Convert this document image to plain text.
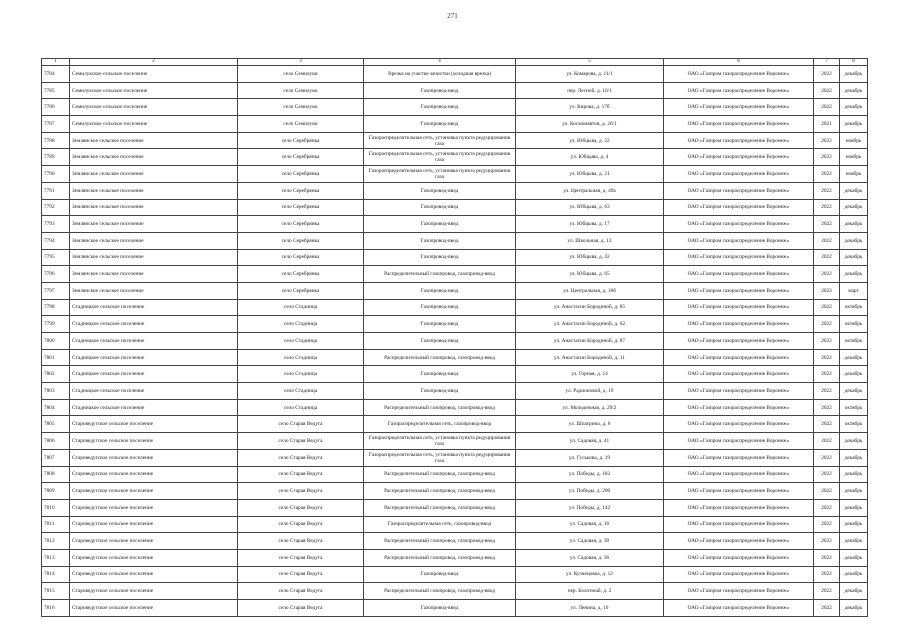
271
1	2	3	4	5	6	7	8
7784	Семилукское сельское поселение	село Семилуки	Врезка на участке зачистки (холодная врезка)	ул. Комарова, д. 11/1	ОАО «Газпром газораспределение Воронеж»	2022	декабрь
7785	Семилукское сельское поселение	село Семилуки	Газопровод-ввод	пер. Лесной, д. 10/1	ОАО «Газпром газораспределение Воронеж»	2022	декабрь
7786	Семилукское сельское поселение	село Семилуки	Газопровод-ввод	ул. Кирова, д. 17б	ОАО «Газпром газораспределение Воронеж»	2022	декабрь
7787	Семилукское сельское поселение	село Семилуки	Газопровод-ввод	ул. Космонавтов, д. 26/1	ОАО «Газпром газораспределение Воронеж»	2021	декабрь
7788	Землянское сельское поселение	село Серебрянка	Газораспределительная сеть, установка пункта редуцирования газа	ул. Юбцыва, д. 22	ОАО «Газпром газораспределение Воронеж»	2022	ноябрь
7789	Землянское сельское поселение	село Серебрянка	Газораспределительная сеть, установка пункта редуцирования газа	ул. Юбцыва, д. 4	ОАО «Газпром газораспределение Воронеж»	2022	ноябрь
7790	Землянское сельское поселение	село Серебрянка	Газораспределительная сеть, установка пункта редуцирования газа	ул. Юбцыва, д. 21	ОАО «Газпром газораспределение Воронеж»	2022	ноябрь
7791	Землянское сельское поселение	село Серебрянка	Газопровод-ввод	ул. Центральная, д. 49а	ОАО «Газпром газораспределение Воронеж»	2022	декабрь
7792	Землянское сельское поселение	село Серебрянка	Газопровод-ввод	ул. Юбцыва, д. 63	ОАО «Газпром газораспределение Воронеж»	2022	декабрь
7793	Землянское сельское поселение	село Серебрянка	Газопровод-ввод	ул. Юбцыва, д. 17	ОАО «Газпром газораспределение Воронеж»	2022	декабрь
7794	Землянское сельское поселение	село Серебрянка	Газопровод-ввод	ул. Школьная, д. 13	ОАО «Газпром газораспределение Воронеж»	2022	декабрь
7795	Землянское сельское поселение	село Серебрянка	Газопровод-ввод	ул. Юбцыва, д. 32	ОАО «Газпром газораспределение Воронеж»	2022	декабрь
7796	Землянское сельское поселение	село Серебрянка	Распределительный газопровод, газопровод-ввод	ул. Юбцыва, д. 65	ОАО «Газпром газораспределение Воронеж»	2022	декабрь
7797	Землянское сельское поселение	село Серебрянка	Газопровод-ввод	ул. Центральная, д. 18б	ОАО «Газпром газораспределение Воронеж»	2023	март
7798	Стадницкое сельское поселение	село Стадница	Газопровод-ввод	ул. Анастасии Бородиной, д. 85	ОАО «Газпром газораспределение Воронеж»	2022	октябрь
7799	Стадницкое сельское поселение	село Стадница	Газопровод-ввод	ул. Анастасии Бородиной, д. 62	ОАО «Газпром газораспределение Воронеж»	2022	октябрь
7800	Стадницкое сельское поселение	село Стадница	Газопровод-ввод	ул. Анастасии Бородиной, д. 87	ОАО «Газпром газораспределение Воронеж»	2022	октябрь
7801	Стадницкое сельское поселение	село Стадница	Распределительный газопровод, газопровод-ввод	ул. Анастасии Бородиной, д. 11	ОАО «Газпром газораспределение Воронеж»	2022	декабрь
7802	Стадницкое сельское поселение	село Стадница	Газопровод-ввод	ул. Горная, д. 14	ОАО «Газпром газораспределение Воронеж»	2022	декабрь
7803	Стадницкое сельское поселение	село Стадница	Газопровод-ввод	ул. Радионовой, д. 19	ОАО «Газпром газораспределение Воронеж»	2022	декабрь
7804	Стадницкое сельское поселение	село Стадница	Распределительный газопровод, газопровод-ввод	ул. Молодежная, д. 29/2	ОАО «Газпром газораспределение Воронеж»	2022	октябрь
7805	Староведугское сельское поселение	село Старая Ведуга	Газораспределительная сеть, газопровод-ввод	ул. Шпагрина, д. 6	ОАО «Газпром газораспределение Воронеж»	2022	октябрь
7806	Староведугское сельское поселение	село Старая Ведуга	Газораспределительная сеть, установка пункта редуцирования газа	ул. Садовая, д. 41	ОАО «Газпром газораспределение Воронеж»	2022	декабрь
7807	Староведугское сельское поселение	село Старая Ведуга	Газораспределительная сеть, установка пункта редуцирования газа	ул. Гуськова, д. 19	ОАО «Газпром газораспределение Воронеж»	2022	декабрь
7808	Староведугское сельское поселение	село Старая Ведуга	Распределительный газопровод, газопровод-ввод	ул. Победы, д. 182	ОАО «Газпром газораспределение Воронеж»	2022	декабрь
7809	Староведугское сельское поселение	село Старая Ведуга	Распределительный газопровод, газопровод-ввод	ул. Победы, д. 200	ОАО «Газпром газораспределение Воронеж»	2022	декабрь
7810	Староведугское сельское поселение	село Старая Ведуга	Распределительный газопровод, газопровод-ввод	ул. Победы, д. 142	ОАО «Газпром газораспределение Воронеж»	2022	декабрь
7811	Староведугское сельское поселение	село Старая Ведуга	Газораспределительная сеть, газопровод-ввод	ул. Садовая, д. 16	ОАО «Газпром газораспределение Воронеж»	2022	декабрь
7812	Староведугское сельское поселение	село Старая Ведуга	Распределительный газопровод, газопровод-ввод	ул. Садовая, д. 30	ОАО «Газпром газораспределение Воронеж»	2022	декабрь
7813	Староведугское сельское поселение	село Старая Ведуга	Распределительный газопровод, газопровод-ввод	ул. Садовая, д. 36	ОАО «Газпром газораспределение Воронеж»	2022	декабрь
7814	Староведугское сельское поселение	село Старая Ведуга	Газопровод-ввод	ул. Кузнецовка, д. 12	ОАО «Газпром газораспределение Воронеж»	2022	декабрь
7815	Староведугское сельское поселение	село Старая Ведуга	Распределительный газопровод, газопровод-ввод	пер. Болотный, д. 2	ОАО «Газпром газораспределение Воронеж»	2022	декабрь
7816	Староведугское сельское поселение	село Старая Ведуга	Газопровод-ввод	ул. Ленина, д. 10	ОАО «Газпром газораспределение Воронеж»	2022	декабрь
